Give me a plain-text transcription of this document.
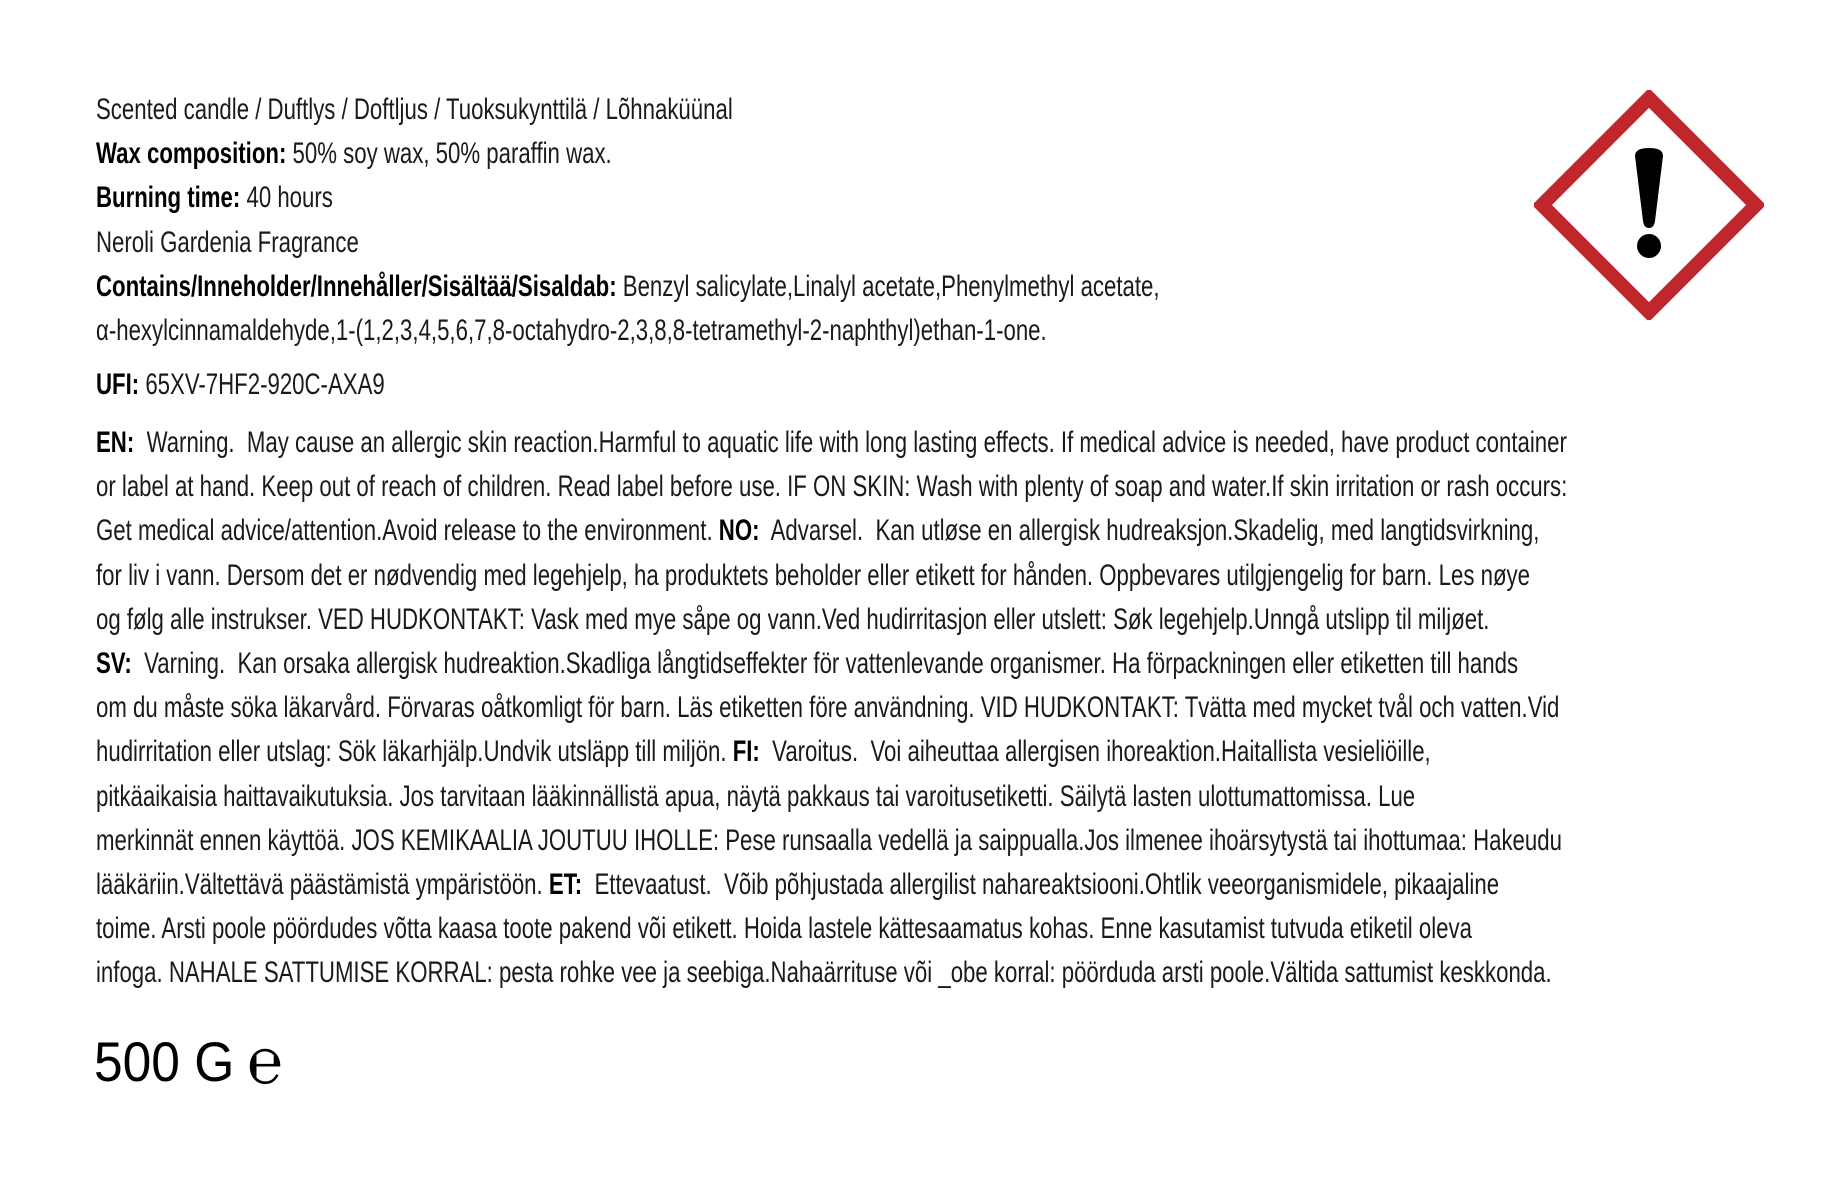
Scented candle / Duftlys / Doftljus / Tuoksukynttilä / Lõhnaküünal
Wax composition: 50% soy wax, 50% paraffin wax.
Burning time: 40 hours
Neroli Gardenia Fragrance
Contains/Inneholder/Innehåller/Sisältää/Sisaldab: Benzyl salicylate,Linalyl acetate,Phenylmethyl acetate,
α-hexylcinnamaldehyde,1-(1,2,3,4,5,6,7,8-octahydro-2,3,8,8-tetramethyl-2-naphthyl)ethan-1-one.
UFI: 65XV-7HF2-920C-AXA9
EN:  Warning.  May cause an allergic skin reaction.Harmful to aquatic life with long lasting effects. If medical advice is needed, have product container
or label at hand. Keep out of reach of children. Read label before use. IF ON SKIN: Wash with plenty of soap and water.If skin irritation or rash occurs:
Get medical advice/attention.Avoid release to the environment. NO:  Advarsel.  Kan utløse en allergisk hudreaksjon.Skadelig, med langtidsvirkning,
for liv i vann. Dersom det er nødvendig med legehjelp, ha produktets beholder eller etikett for hånden. Oppbevares utilgjengelig for barn. Les nøye
og følg alle instrukser. VED HUDKONTAKT: Vask med mye såpe og vann.Ved hudirritasjon eller utslett: Søk legehjelp.Unngå utslipp til miljøet.
SV:  Varning.  Kan orsaka allergisk hudreaktion.Skadliga långtidseffekter för vattenlevande organismer. Ha förpackningen eller etiketten till hands
om du måste söka läkarvård. Förvaras oåtkomligt för barn. Läs etiketten före användning. VID HUDKONTAKT: Tvätta med mycket tvål och vatten.Vid
hudirritation eller utslag: Sök läkarhjälp.Undvik utsläpp till miljön. FI:  Varoitus.  Voi aiheuttaa allergisen ihoreaktion.Haitallista vesieliöille,
pitkäaikaisia haittavaikutuksia. Jos tarvitaan lääkinnällistä apua, näytä pakkaus tai varoitusetiketti. Säilytä lasten ulottumattomissa. Lue
merkinnät ennen käyttöä. JOS KEMIKAALIA JOUTUU IHOLLE: Pese runsaalla vedellä ja saippualla.Jos ilmenee ihoärsytystä tai ihottumaa: Hakeudu
lääkäriin.Vältettävä päästämistä ympäristöön. ET:  Ettevaatust.  Võib põhjustada allergilist nahareaktsiooni.Ohtlik veeorganismidele, pikaajaline
toime. Arsti poole pöördudes võtta kaasa toote pakend või etikett. Hoida lastele kättesaamatus kohas. Enne kasutamist tutvuda etiketil oleva
infoga. NAHALE SATTUMISE KORRAL: pesta rohke vee ja seebiga.Nahaärrituse või _obe korral: pöörduda arsti poole.Vältida sattumist keskkonda.
500 G ℮
